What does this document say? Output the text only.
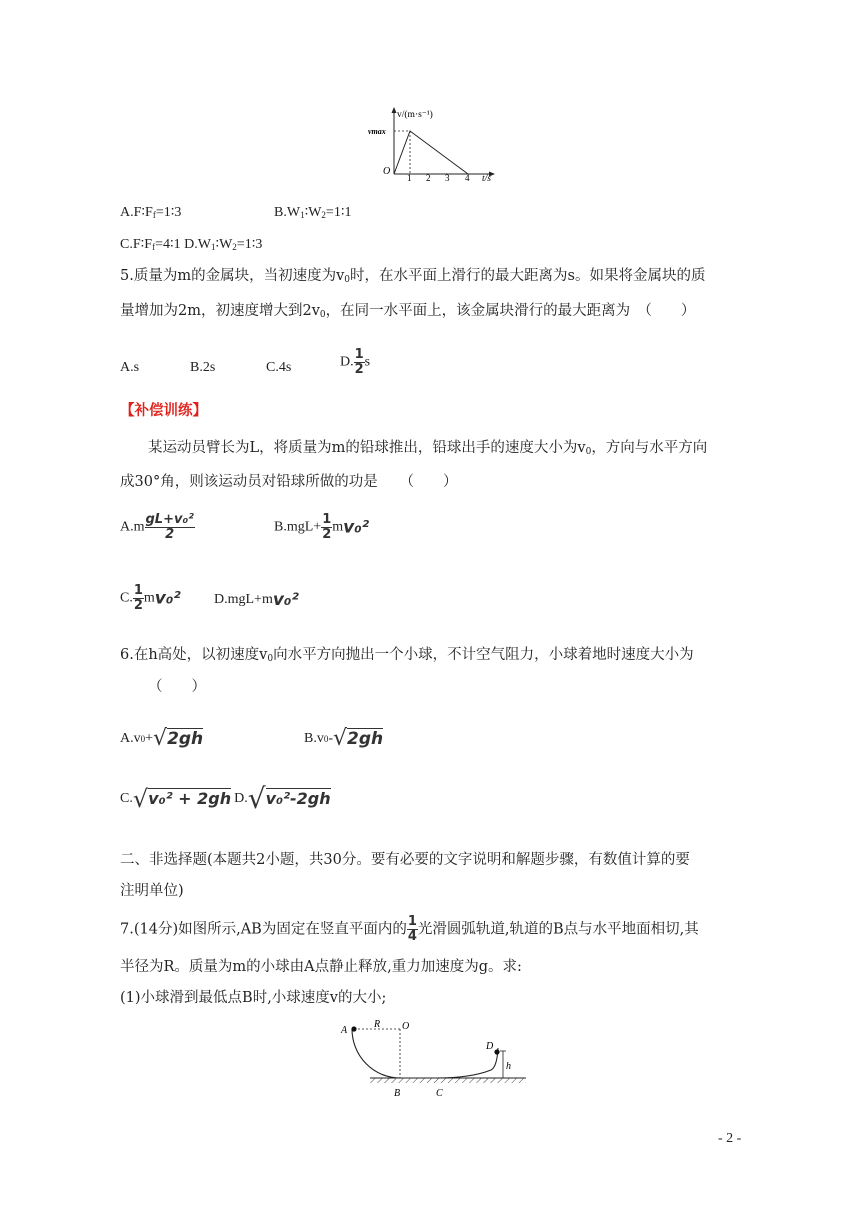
v/(m·s⁻¹)
vmax
O
1 2 3 4 t/s
$A.F∶F_f=1∶3$	$B.W_1∶W_2=1∶1$
$C.F∶F_f=4∶1$ $D.W_1∶W_2=1∶3$
5.质量为m的金属块，当初速度为$v_0$时，在水平面上滑行的最大距离为s。如果将金属块的质
量增加为2m，初速度增大到$2v_0$，在同一水平面上，该金属块滑行的最大距离为　（　　）
A.s	B.2s	C.4s	D. $\frac{1}{2}$ s
【补偿训练】
某运动员臂长为L，将质量为m的铅球推出，铅球出手的速度大小为$v_0$，方向与水平方向
成30°角，则该运动员对铅球所做的功是　　（　　）
$A.m \frac{\text{gL+v₀²}}{2}$	$B.mgL+ \frac{1}{2} mv_0^2$
C. $\frac{1}{2} mv_0^2$ D.mgL+mv₀²
6.在h高处，以初速度$v_0$向水平方向抛出一个小球，不计空气阻力，小球着地时速度大小为
（　　）
A.v0+√2gh	B.v0-√2gh
C.√v₀² + 2gh D.√v₀²-2gh
二、非选择题(本题共2小题，共30分。要有必要的文字说明和解题步骤，有数值计算的要
注明单位)
7.(14分)如图所示,AB为固定在竖直平面内的 $\frac{1}{4}$ 光滑圆弧轨道,轨道的B点与水平地面相切,其
半径为R。质量为m的小球由A点静止释放,重力加速度为g。求:
(1)小球滑到最低点B时,小球速度v的大小;
A
R O
D
h
B	C
- 2 -
